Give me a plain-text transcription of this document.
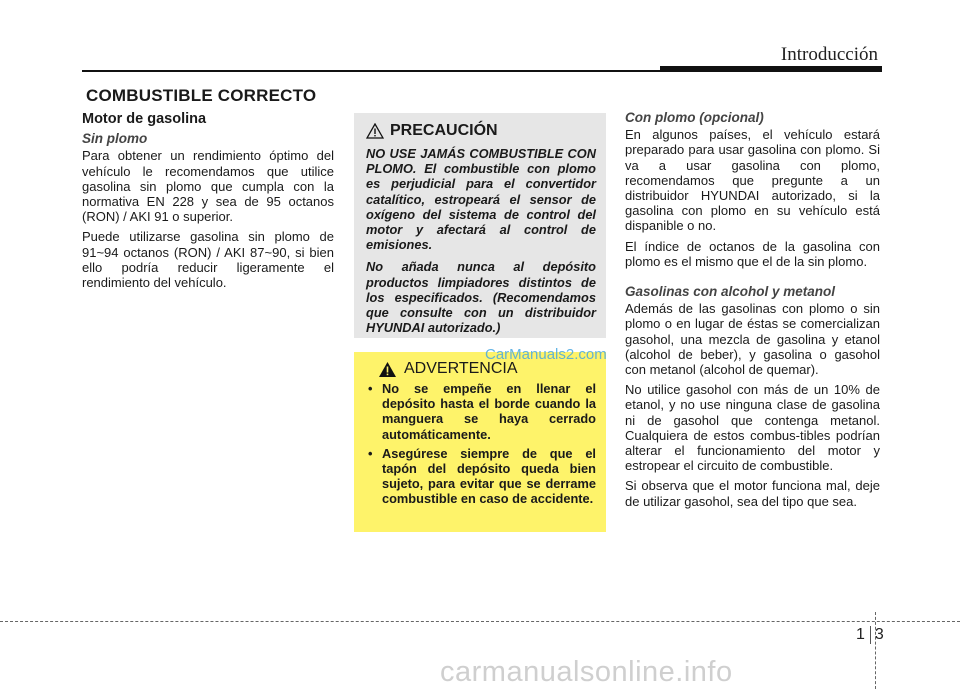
Introducción
COMBUSTIBLE CORRECTO
Motor de gasolina
Sin plomo

Para obtener un rendimiento óptimo del vehículo le recomendamos que utilice gasolina sin plomo que cumpla con la normativa EN 228 y sea de 95 octanos (RON) / AKI 91 o superior.

Puede utilizarse gasolina sin plomo de 91~94 octanos (RON) / AKI 87~90, si bien ello podría reducir ligeramente el rendimiento del vehículo.

PRECAUCIÓN

NO USE JAMÁS COMBUSTIBLE CON PLOMO. El combustible con plomo es perjudicial para el convertidor catalítico, estropeará el sensor de oxígeno del sistema de control del motor y afectará al control de emisiones.

No añada nunca al depósito productos limpiadores distintos de los especificados. (Recomendamos que consulte con un distribuidor HYUNDAI autorizado.)

ADVERTENCIA
• No se empeñe en llenar el depósito hasta el borde cuando la manguera se haya cerrado automáticamente.
• Asegúrese siempre de que el tapón del depósito queda bien sujeto, para evitar que se derrame combustible en caso de accidente.
CarManuals2.com
Con plomo (opcional)

En algunos países, el vehículo estará preparado para usar gasolina con plomo. Si va a usar gasolina con plomo, recomendamos que pregunte a un distribuidor HYUNDAI autorizado, si la gasolina con plomo en su vehículo está dispanible o no.

El índice de octanos de la gasolina con plomo es el mismo que el de la sin plomo.

Gasolinas con alcohol y metanol

Además de las gasolinas con plomo o sin plomo o en lugar de éstas se comercializan gasohol, una mezcla de gasolina y etanol (alcohol de beber), y gasolina o gasohol con metanol (alcohol de quemar).

No utilice gasohol con más de un 10% de etanol, y no use ninguna clase de gasolina ni de gasohol que contenga metanol. Cualquiera de estos combus-tibles podrían alterar el funcionamiento del motor y estropear el circuito de combustible.

Si observa que el motor funciona mal, deje de utilizar gasohol, sea del tipo que sea.

1 3
carmanualsonline.info
